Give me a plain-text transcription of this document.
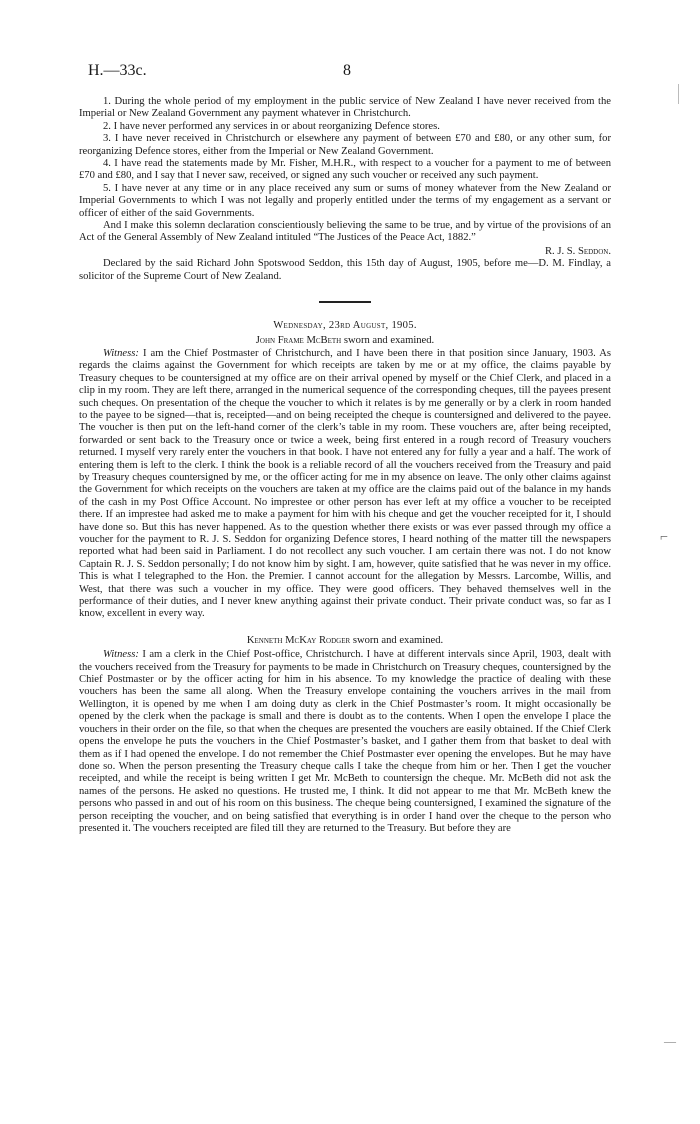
H.—33c.	8

1. During the whole period of my employment in the public service of New Zealand I have never received from the Imperial or New Zealand Government any payment whatever in Christchurch.

2. I have never performed any services in or about reorganizing Defence stores.

3. I have never received in Christchurch or elsewhere any payment of between £70 and £80, or any other sum, for reorganizing Defence stores, either from the Imperial or New Zealand Government.

4. I have read the statements made by Mr. Fisher, M.H.R., with respect to a voucher for a payment to me of between £70 and £80, and I say that I never saw, received, or signed any such voucher or received any such payment.

5. I have never at any time or in any place received any sum or sums of money whatever from the New Zealand or Imperial Governments to which I was not legally and properly entitled under the terms of my engagement as a servant or officer of either of the said Governments.

And I make this solemn declaration conscientiously believing the same to be true, and by virtue of the provisions of an Act of the General Assembly of New Zealand intituled “The Justices of the Peace Act, 1882.”

R. J. S. Seddon.

Declared by the said Richard John Spotswood Seddon, this 15th day of August, 1905, before me—D. M. Findlay, a solicitor of the Supreme Court of New Zealand.

Wednesday, 23rd August, 1905.

John Frame McBeth sworn and examined.

Witness: I am the Chief Postmaster of Christchurch, and I have been there in that position since January, 1903. As regards the claims against the Government for which receipts are taken by me or at my office, the claims payable by Treasury cheques to be countersigned at my office are on their arrival opened by myself or the Chief Clerk, and placed in a clip in my room. They are left there, arranged in the numerical sequence of the corresponding cheques, till the payees present such cheques. On presentation of the cheque the voucher to which it relates is by me generally or by a clerk in room handed to the payee to be signed—that is, receipted—and on being receipted the cheque is countersigned and delivered to the payee. The voucher is then put on the left-hand corner of the clerk’s table in my room. These vouchers are, after being receipted, forwarded or sent back to the Treasury once or twice a week, being first entered in a rough record of Treasury vouchers returned. I myself very rarely enter the vouchers in that book. I have not entered any for fully a year and a half. The work of entering them is left to the clerk. I think the book is a reliable record of all the vouchers received from the Treasury and paid by Treasury cheques countersigned by me, or the officer acting for me in my absence on leave. The only other claims against the Government for which receipts on the vouchers are taken at my office are the claims paid out of the balance in my hands of the cash in my Post Office Account. No imprestee or other person has ever left at my office a voucher to be receipted there. If an imprestee had asked me to make a payment for him with his cheque and get the voucher receipted for it, I should have done so. But this has never happened. As to the question whether there exists or was ever passed through my office a voucher for the payment to R. J. S. Seddon for organizing Defence stores, I heard nothing of the matter till the newspapers reported what had been said in Parliament. I do not recollect any such voucher. I am certain there was not. I do not know Captain R. J. S. Seddon personally; I do not know him by sight. I am, however, quite satisfied that he was never in my office. This is what I telegraphed to the Hon. the Premier. I cannot account for the allegation by Messrs. Larcombe, Willis, and West, that there was such a voucher in my office. They were good officers. They behaved themselves well in the performance of their duties, and I never knew anything against their private conduct. Their private conduct was, so far as I know, excellent in every way.

Kenneth McKay Rodger sworn and examined.

Witness: I am a clerk in the Chief Post-office, Christchurch. I have at different intervals since April, 1903, dealt with the vouchers received from the Treasury for payments to be made in Christchurch on Treasury cheques, countersigned by the Chief Postmaster or by the officer acting for him in his absence. To my knowledge the practice of dealing with these vouchers has been the same all along. When the Treasury envelope containing the vouchers arrives in the mail from Wellington, it is opened by me when I am doing duty as clerk in the Chief Postmaster’s room. It might occasionally be opened by the clerk when the package is small and there is doubt as to the contents. When I open the envelope I place the vouchers in their order on the file, so that when the cheques are presented the vouchers are easily obtained. If the Chief Clerk opens the envelope he puts the vouchers in the Chief Postmaster’s basket, and I gather them from that basket to deal with them as if I had opened the envelope. I do not remember the Chief Postmaster ever opening the envelopes. But he may have done so. When the person presenting the Treasury cheque calls I take the cheque from him or her. Then I get the voucher receipted, and while the receipt is being written I get Mr. McBeth to countersign the cheque. Mr. McBeth did not ask the names of the persons. He asked no questions. He trusted me, I think. It did not appear to me that Mr. McBeth knew the persons who passed in and out of his room on this business. The cheque being countersigned, I examined the signature of the person receipting the voucher, and on being satisfied that everything is in order I hand over the cheque to the person who presented it. The vouchers receipted are filed till they are returned to the Treasury. But before they are

⌐
—
